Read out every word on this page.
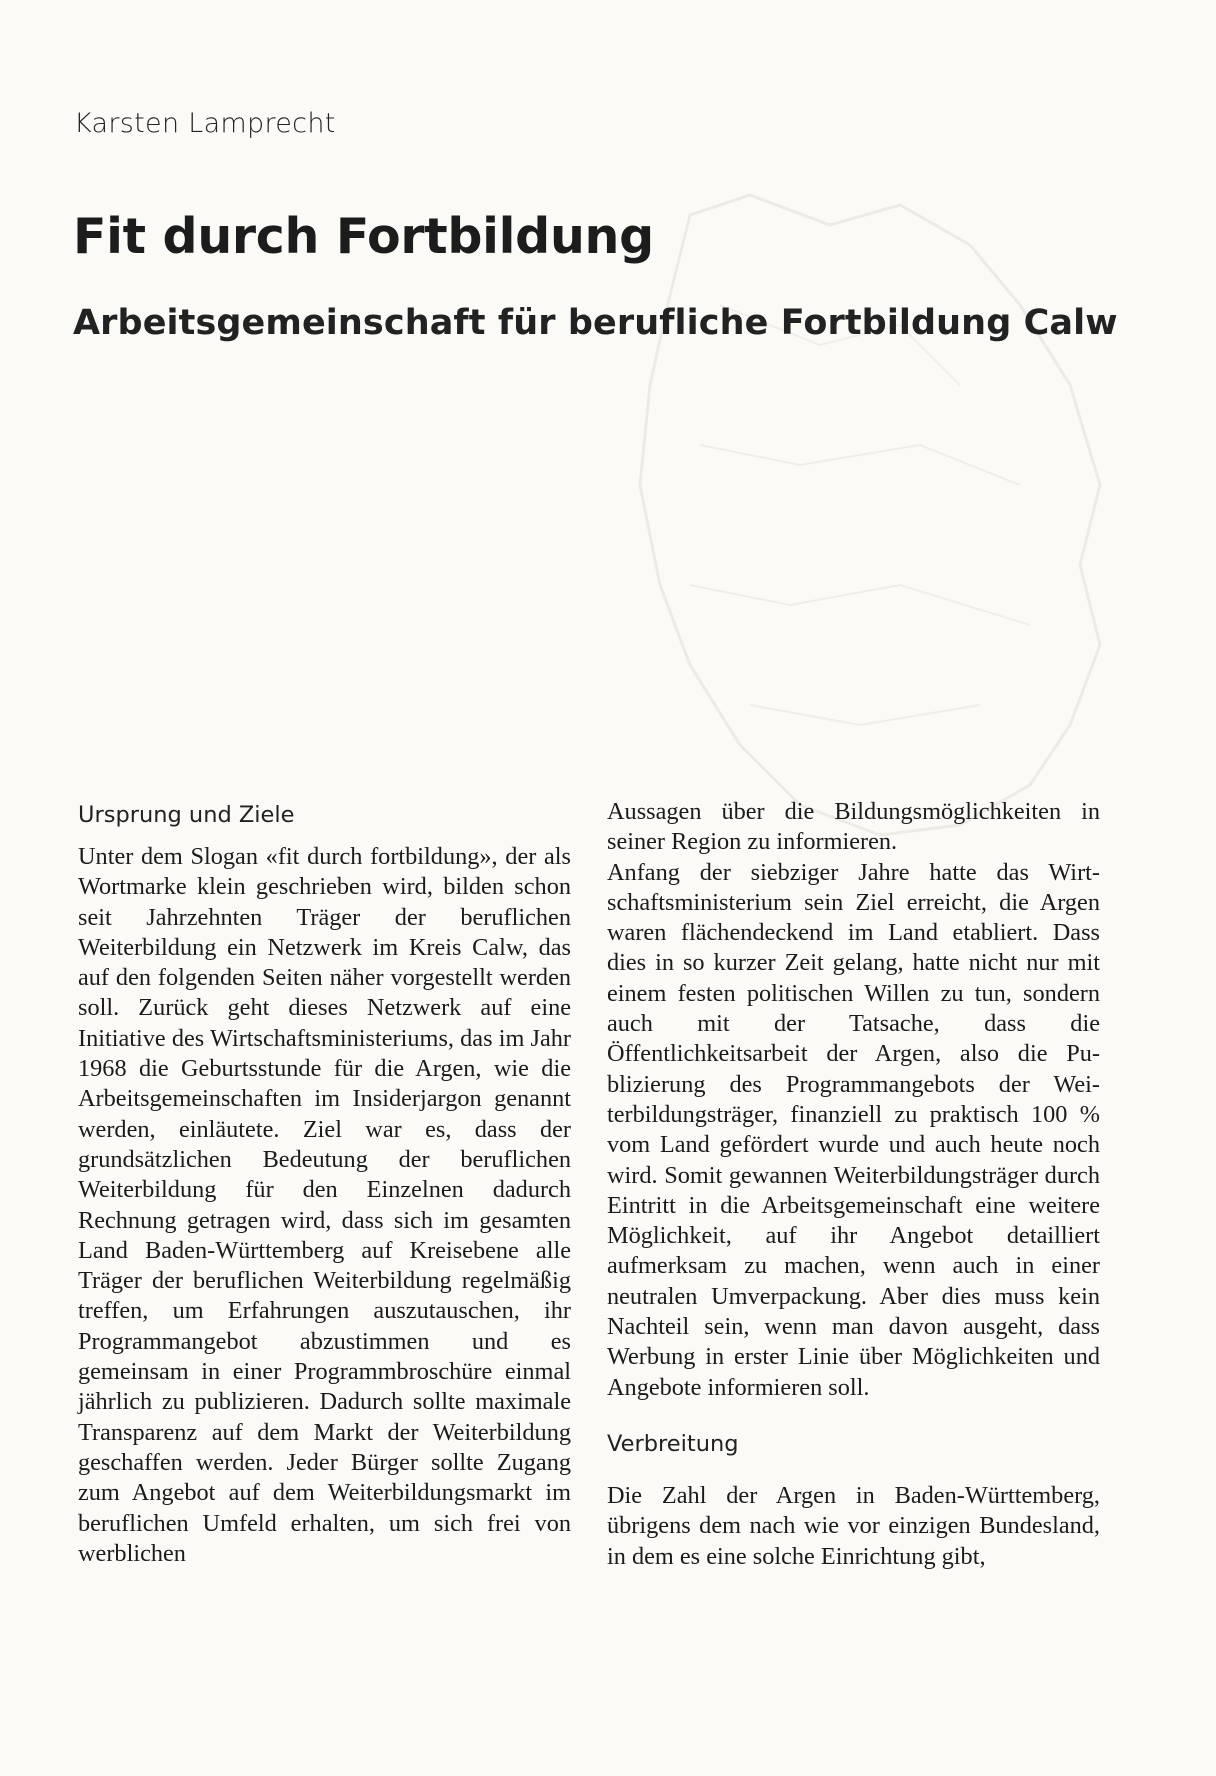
Karsten Lamprecht
Fit durch Fortbildung
Arbeitsgemeinschaft für berufliche Fortbildung Calw
Ursprung und Ziele

Unter dem Slogan «fit durch fortbildung», der als Wortmarke klein geschrieben wird, bilden schon seit Jahrzehnten Träger der beruflichen Weiterbildung ein Netzwerk im Kreis Calw, das auf den folgenden Seiten näher vorgestellt werden soll. Zurück geht dieses Netzwerk auf eine Initiative des Wirtschaftsministeriums, das im Jahr 1968 die Geburtsstunde für die Argen, wie die Arbeitsgemeinschaften im Insiderjargon genannt werden, einläutete. Ziel war es, dass der grundsätzlichen Bedeutung der beruflichen Weiterbildung für den Einzelnen dadurch Rechnung getragen wird, dass sich im gesamten Land Baden-Württemberg auf Kreisebene alle Träger der beruflichen Weiterbildung regelmäßig treffen, um Erfahrungen auszutauschen, ihr Programmangebot abzustimmen und es gemeinsam in einer Programmbroschüre einmal jährlich zu publizieren. Dadurch sollte maximale Transparenz auf dem Markt der Weiterbildung geschaffen werden. Jeder Bürger sollte Zugang zum Angebot auf dem Weiterbildungsmarkt im beruflichen Umfeld erhalten, um sich frei von werblichen

Aussagen über die Bildungsmöglichkeiten in seiner Region zu informieren.

Anfang der siebziger Jahre hatte das Wirtschaftsministerium sein Ziel erreicht, die Argen waren flächendeckend im Land etabliert. Dass dies in so kurzer Zeit gelang, hatte nicht nur mit einem festen politischen Willen zu tun, sondern auch mit der Tatsache, dass die Öffentlichkeitsarbeit der Argen, also die Publizierung des Programmangebots der Weiterbildungsträger, finanziell zu praktisch 100 % vom Land gefördert wurde und auch heute noch wird. Somit gewannen Weiterbildungsträger durch Eintritt in die Arbeitsgemeinschaft eine weitere Möglichkeit, auf ihr Angebot detailliert aufmerksam zu machen, wenn auch in einer neutralen Umverpackung. Aber dies muss kein Nachteil sein, wenn man davon ausgeht, dass Werbung in erster Linie über Möglichkeiten und Angebote informieren soll.

Verbreitung

Die Zahl der Argen in Baden-Württemberg, übrigens dem nach wie vor einzigen Bundesland, in dem es eine solche Einrichtung gibt,
